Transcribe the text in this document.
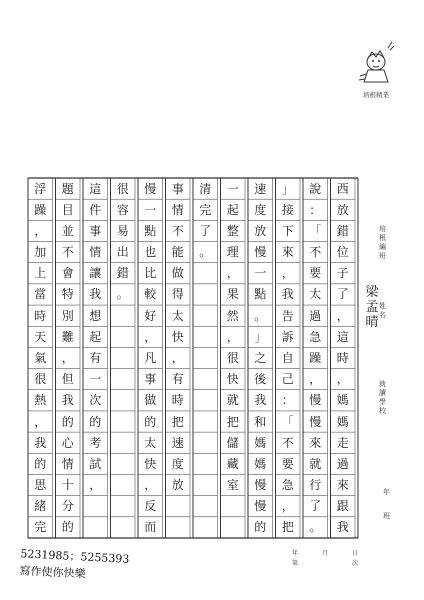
培根精業
西
放
錯
位
子
了
，
這
時
，
媽
媽
走
過
來
跟
我
說
：
「
不
要
太
過
急
躁
，
慢
慢
來
就
行
了
。
」
接
下
來
，
我
告
訴
自
己
：
「
不
要
急
，
把
速
度
放
慢
一
點
。
」
之
後
我
和
媽
媽
慢
慢
的
一
起
整
理
，
果
然
，
很
快
就
把
儲
藏
室
清
完
了
。
事
情
不
能
做
得
太
快
，
有
時
把
速
度
放
慢
一
點
也
比
較
好
，
凡
事
做
的
太
快
，
反
而
很
容
易
出
錯
。
這
件
事
情
讓
我
想
起
有
一
次
的
考
試
，
題
目
並
不
會
特
別
難
，
但
我
的
心
情
十
分
的
浮
躁
，
加
上
當
時
天
氣
很
熱
，
我
的
思
緒
完
培根編班
姓名
梁孟晴
就讀學校
年
班
年	月	日
第	次
5231985；5255393
寫作使你快樂
